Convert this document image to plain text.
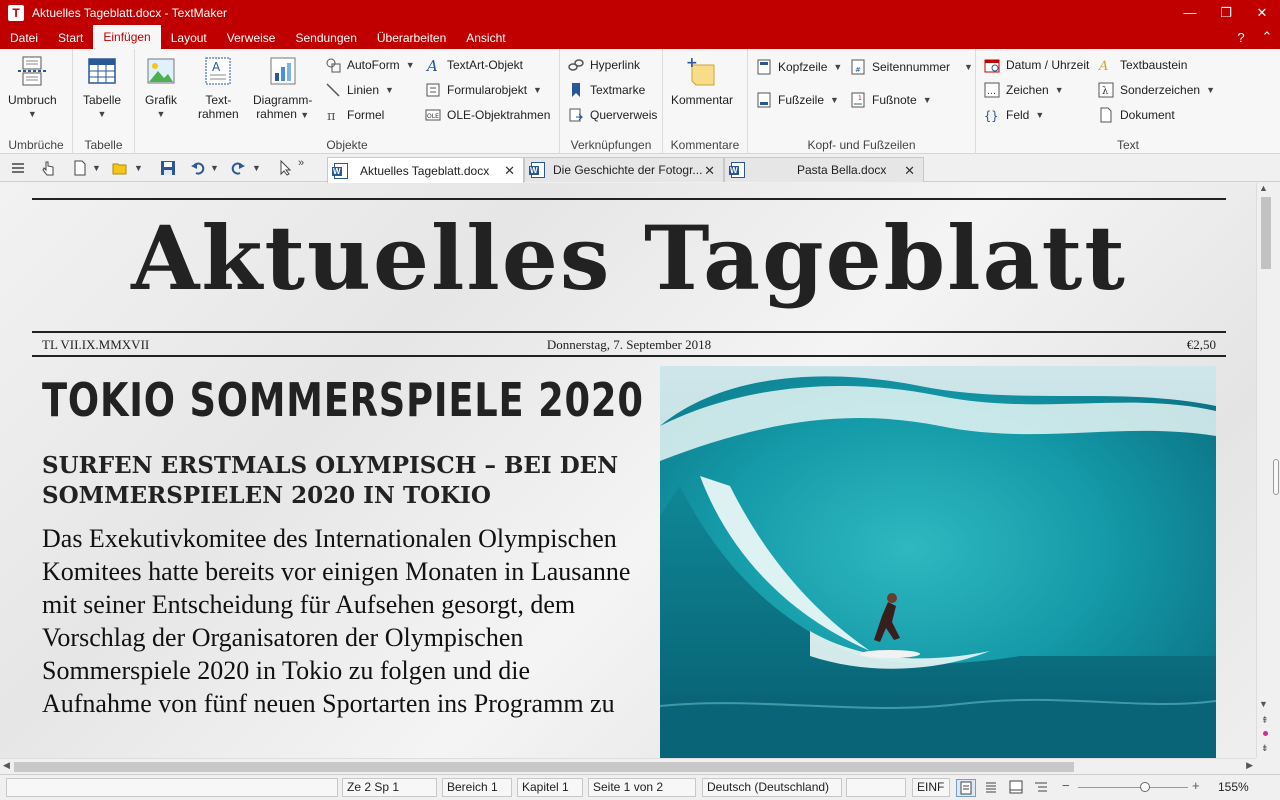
T	Aktuelles Tageblatt.docx - TextMaker	—	❐	✕
Datei	Start	Einfügen	Layout	Verweise	Sendungen	Überarbeiten	Ansicht	?	⌃
Umbruch
▼
Umbrüche
Tabelle
▼
Tabelle
Grafik
▼
A
Text-
rahmen
Diagramm-
rahmen ▼
AutoForm ▼
Linien ▼
π Formel
A TextArt-Objekt
Formularobjekt ▼
OLE OLE-Objektrahmen
Objekte
Hyperlink
Textmarke
Querverweis
Verknüpfungen
+
Kommentar
Kommentare
Kopfzeile ▼
Fußzeile ▼
# Seitennummer ▼
1 Fußnote ▼
Kopf- und Fußzeilen
Datum / Uhrzeit
… Zeichen ▼
{} Feld ▼
A Textbaustein
λ Sonderzeichen ▼
Dokument
Text
▼	▼	▼	▼	»
W
Aktuelles Tageblatt.docx ✕ W	Die Geschichte der Fotogr... ✕ W	Pasta Bella.docx ✕
Aktuelles Tageblatt
TL VII.IX.MMXVII	Donnerstag, 7. September 2018	€2,50
TOKIO SOMMERSPIELE 2020
SURFEN ERSTMALS OLYMPISCH – BEI DEN SOMMERSPIELEN 2020 IN TOKIO
Das Exekutivkomitee des Internationalen Olympischen Komitees hatte bereits vor einigen Monaten in Lausanne mit seiner Entscheidung für Aufsehen gesorgt, dem Vorschlag der Organisatoren der Olympischen Sommerspiele 2020 in Tokio zu folgen und die Aufnahme von fünf neuen Sportarten ins Programm zu
▲
▼
⇞
⇟
◀	▶
Ze 2 Sp 1	Bereich 1	Kapitel 1	Seite 1 von 2	Deutsch (Deutschland)	EINF	−	+ 155%
